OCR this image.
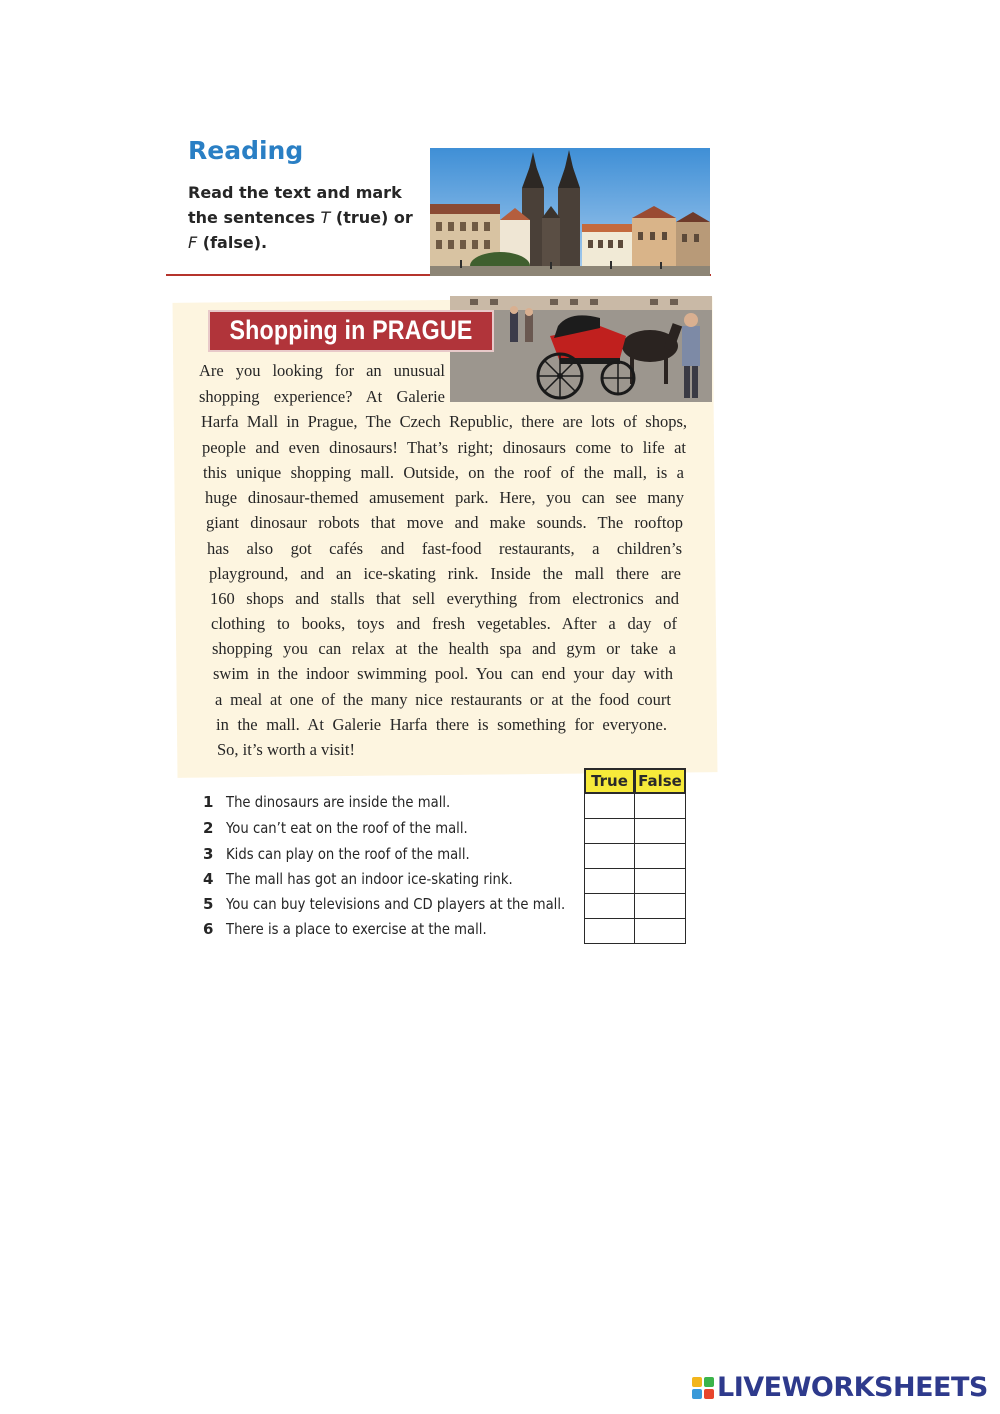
Reading
Read the text and mark the sentences T (true) or F (false).
Shopping in PRAGUE
Are you looking for an unusual shopping experience? At Galerie
Harfa Mall in Prague, The Czech Republic, there are lots of shops,
people and even dinosaurs! That’s right; dinosaurs come to life at
this unique shopping mall. Outside, on the roof of the mall, is a
huge dinosaur-themed amusement park. Here, you can see many
giant dinosaur robots that move and make sounds. The rooftop
has also got cafés and fast-food restaurants, a children’s
playground, and an ice-skating rink. Inside the mall there are
160 shops and stalls that sell everything from electronics and
clothing to books, toys and fresh vegetables. After a day of
shopping you can relax at the health spa and gym or take a
swim in the indoor swimming pool. You can end your day with
a meal at one of the many nice restaurants or at the food court
in the mall. At Galerie Harfa there is something for everyone.
So, it’s worth a visit!
True False
1 The dinosaurs are inside the mall.
2 You can’t eat on the roof of the mall.
3 Kids can play on the roof of the mall.
4 The mall has got an indoor ice-skating rink.
5 You can buy televisions and CD players at the mall.
6 There is a place to exercise at the mall.
LIVEWORKSHEETS
